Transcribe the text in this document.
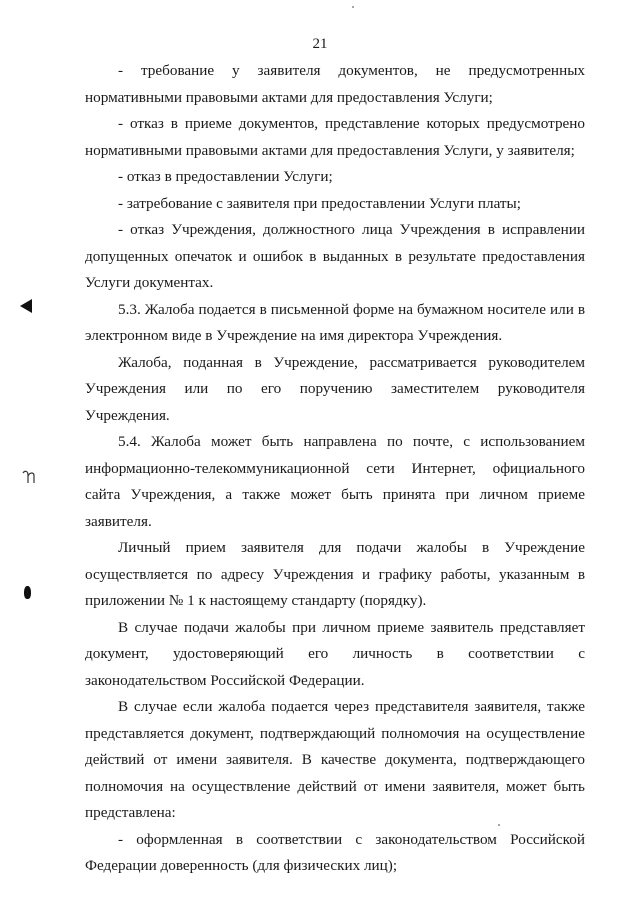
21

- требование у заявителя документов, не предусмотренных нормативными правовыми актами для предоставления Услуги;

- отказ в приеме документов, представление которых предусмотрено нормативными правовыми актами для предоставления Услуги, у заявителя;

- отказ в предоставлении Услуги;

- затребование с заявителя при предоставлении Услуги платы;

- отказ Учреждения, должностного лица Учреждения в исправлении допущенных опечаток и ошибок в выданных в результате предоставления Услуги документах.

5.3. Жалоба подается в письменной форме на бумажном носителе или в электронном виде в Учреждение на имя директора Учреждения.

Жалоба, поданная в Учреждение, рассматривается руководителем Учреждения или по его поручению заместителем руководителя Учреждения.

5.4. Жалоба может быть направлена по почте, с использованием информационно-телекоммуникационной сети Интернет, официального сайта Учреждения, а также может быть принята при личном приеме заявителя.

Личный прием заявителя для подачи жалобы в Учреждение осуществляется по адресу Учреждения и графику работы, указанным в приложении № 1 к настоящему стандарту (порядку).

В случае подачи жалобы при личном приеме заявитель представляет документ, удостоверяющий его личность в соответствии с законодательством Российской Федерации.

В случае если жалоба подается через представителя заявителя, также представляется документ, подтверждающий полномочия на осуществление действий от имени заявителя. В качестве документа, подтверждающего полномочия на осуществление действий от имени заявителя, может быть представлена:

- оформленная в соответствии с законодательством Российской Федерации доверенность (для физических лиц);
